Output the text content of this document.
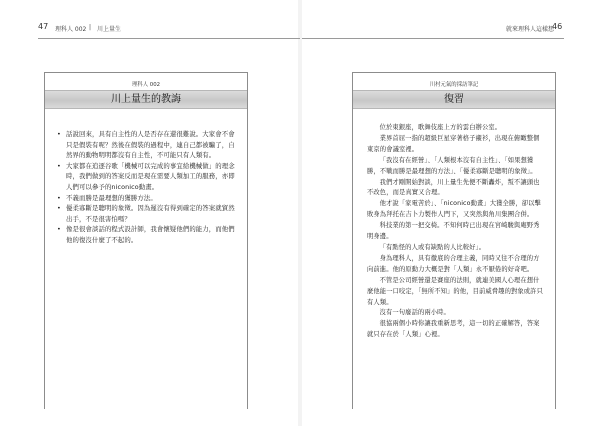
47 理科人 002 | 川上量生
理科人 002
川上量生的教誨
• 話說回來，具有自主性的人是否存在還很難說。大家會不會只是假裝有呢？然後在假裝的過程中，連自己都被騙了，自然界的動物明明都沒有自主性，不可能只有人類有。
• 大家都在追逐谷歌「機械可以完成的事宜給機械做」的理念時，我們做到的答案反而是現在需要人類加工的服務，亦即人們可以參予的niconico動畫。
• 不義而勝是最理想的獲勝方法。
• 優柔寡斷是聰明的象徵。因為遲沒有得到確定的答案就貿然出手，不是很害怕嗎？
• 像是很會談話的程式設計師，我會懷疑他們的能力，而他們他的復沒什麼了不起的。
就來理科人這樣想
46
川村元氣的採訪筆記
復習

位於東銀座，歌舞伎座上方的雲白辦公室。

業界首屈一指的超級巨星穿著格子襯衫，出現在俯瞰整個東京的會議室裡。

「我沒有在經營」、「人類根本沒有自主性」、「如果想獲勝，不戰而勝是最理想的方法」、「優柔寡斷是聰明的象徵」。

我們才剛開始對談，川上量生先便不斷轟炸，叛不讓頭也不改色，而是真實又合理。

他才說「家電苦於」、「niconico動畫」大獲全勝，卻以擊敗身為拜托在吉卜力製作人門下，又突然與角川集團合併。

科技業的第一把交椅。不知何時已出現在宮崎駿與庵野秀明身邊。

「有點怪的人或有缺點的人比較好」。

身為理科人，具有徹底的合理主義，同時又往不合理的方向前進。他的原動力大概是對「人類」永不厭倦的好奇吧。

不管是公司經營還是賽座的法則，就連美國人心理在想什麼他能一口咬定，「無所不知」的他，目前威脅趣的對象或許只有人類。

沒有一句廢話的兩小時。

很協兩個小時你讓我重新思考，這一切的正確解答，答案就只存在於「人類」心裡。
